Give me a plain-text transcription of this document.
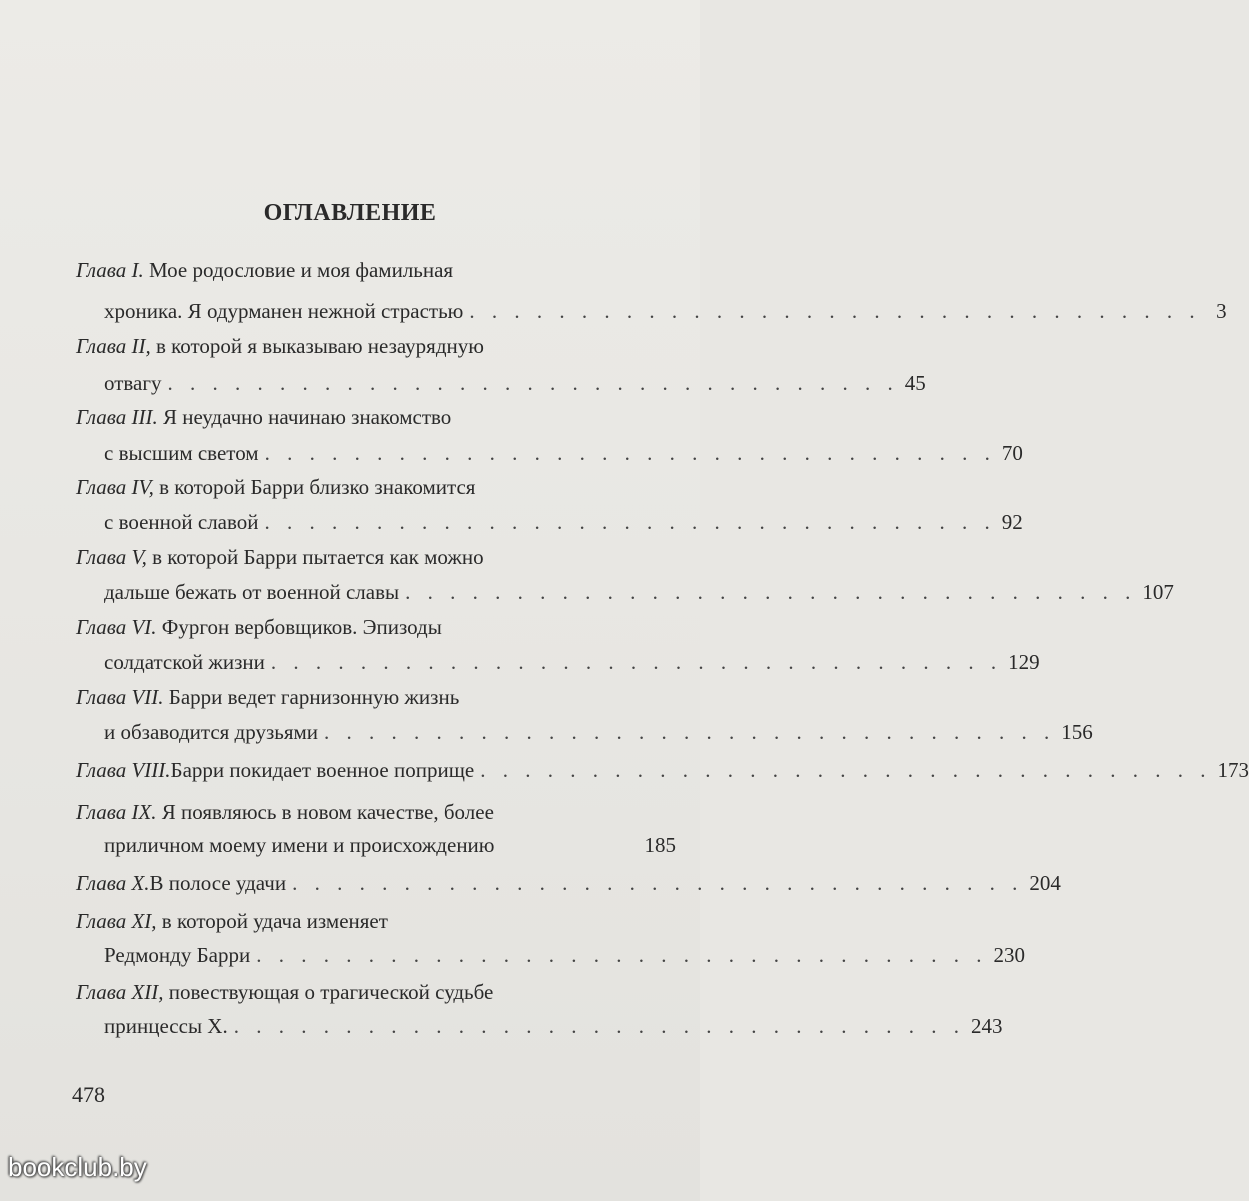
ОГЛАВЛЕНИЕ
Глава I. Мое родословие и моя фамильная
хроника. Я одурманен нежной страстью . . . . . . . . . . . . . . . . . . . . . . . . . . . . . . . . . 3
Глава II, в которой я выказываю незаурядную
отвагу . . . . . . . . . . . . . . . . . . . . . . . . . . . . . . . . . 45
Глава III. Я неудачно начинаю знакомство
с высшим светом . . . . . . . . . . . . . . . . . . . . . . . . . . . . . . . . . 70
Глава IV, в которой Барри близко знакомится
с военной славой . . . . . . . . . . . . . . . . . . . . . . . . . . . . . . . . . 92
Глава V, в которой Барри пытается как можно
дальше бежать от военной славы . . . . . . . . . . . . . . . . . . . . . . . . . . . . . . . . . 107
Глава VI. Фургон вербовщиков. Эпизоды
солдатской жизни . . . . . . . . . . . . . . . . . . . . . . . . . . . . . . . . . 129
Глава VII. Барри ведет гарнизонную жизнь
и обзаводится друзьями . . . . . . . . . . . . . . . . . . . . . . . . . . . . . . . . . 156
Глава VIII. Барри покидает военное поприще . . . . . . . . . . . . . . . . . . . . . . . . . . . . . . . . . 173
Глава IX. Я появляюсь в новом качестве, более
приличном моему имени и происхождению	185
Глава X. В полосе удачи . . . . . . . . . . . . . . . . . . . . . . . . . . . . . . . . . 204
Глава XI, в которой удача изменяет
Редмонду Барри . . . . . . . . . . . . . . . . . . . . . . . . . . . . . . . . . 230
Глава XII, повествующая о трагической судьбе
принцессы Х. . . . . . . . . . . . . . . . . . . . . . . . . . . . . . . . . . 243
478
bookclub.by
